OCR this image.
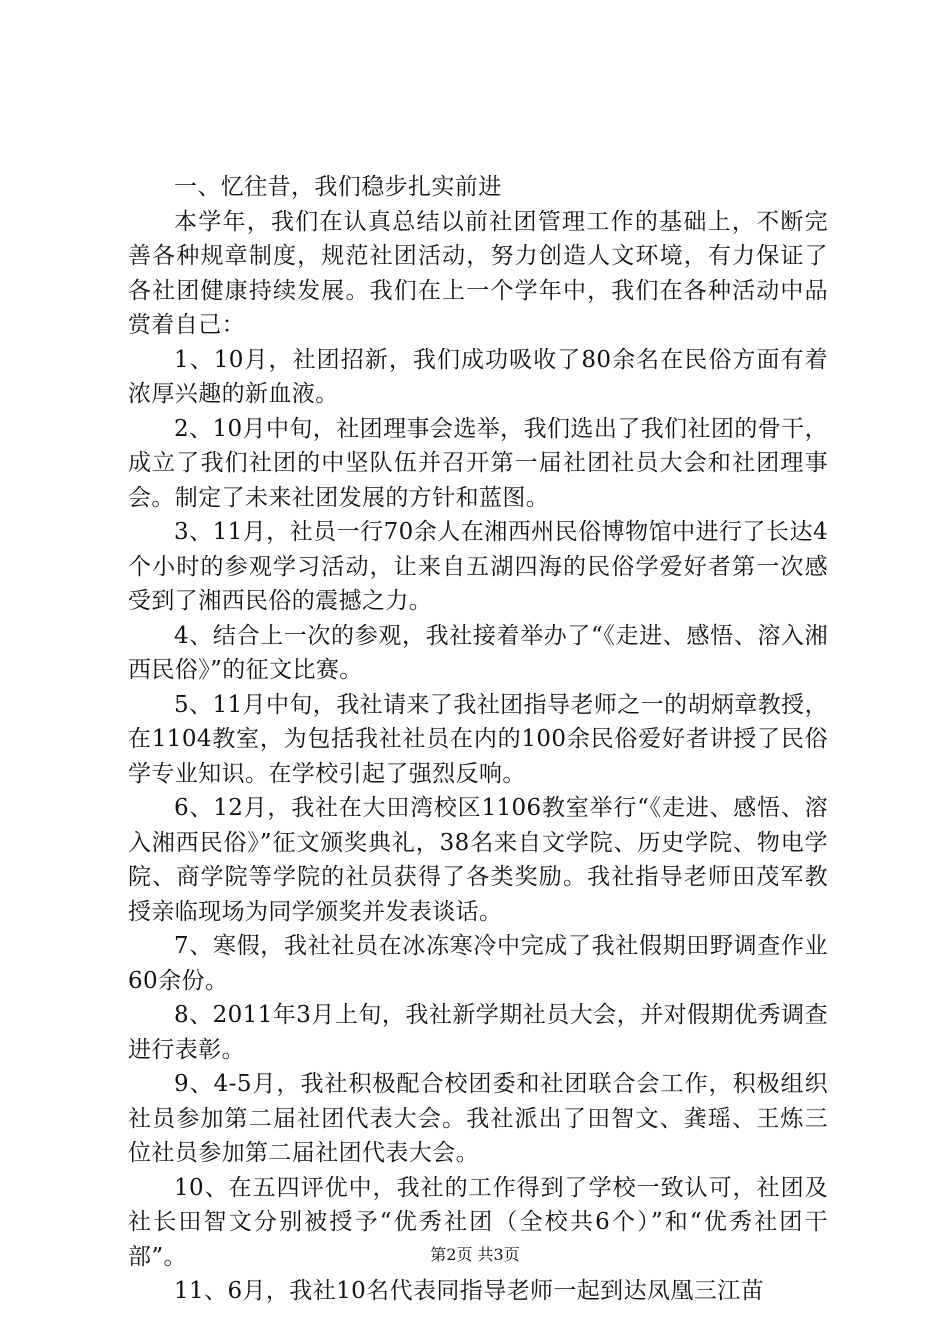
一、忆往昔，我们稳步扎实前进

本学年，我们在认真总结以前社团管理工作的基础上，不断完善各种规章制度，规范社团活动，努力创造人文环境，有力保证了各社团健康持续发展。我们在上一个学年中，我们在各种活动中品赏着自己：

1、10月，社团招新，我们成功吸收了80余名在民俗方面有着浓厚兴趣的新血液。

2、10月中旬，社团理事会选举，我们选出了我们社团的骨干，成立了我们社团的中坚队伍并召开第一届社团社员大会和社团理事会。制定了未来社团发展的方针和蓝图。

3、11月，社员一行70余人在湘西州民俗博物馆中进行了长达4个小时的参观学习活动，让来自五湖四海的民俗学爱好者第一次感受到了湘西民俗的震撼之力。

4、结合上一次的参观，我社接着举办了“《走进、感悟、溶入湘西民俗》”的征文比赛。

5、11月中旬，我社请来了我社团指导老师之一的胡炳章教授，在1104教室，为包括我社社员在内的100余民俗爱好者讲授了民俗学专业知识。在学校引起了强烈反响。

6、12月，我社在大田湾校区1106教室举行“《走进、感悟、溶入湘西民俗》”征文颁奖典礼，38名来自文学院、历史学院、物电学院、商学院等学院的社员获得了各类奖励。我社指导老师田茂军教授亲临现场为同学颁奖并发表谈话。

7、寒假，我社社员在冰冻寒冷中完成了我社假期田野调查作业60余份。

8、2011年3月上旬，我社新学期社员大会，并对假期优秀调查进行表彰。

9、4-5月，我社积极配合校团委和社团联合会工作，积极组织社员参加第二届社团代表大会。我社派出了田智文、龚瑶、王炼三位社员参加第二届社团代表大会。

10、在五四评优中，我社的工作得到了学校一致认可，社团及社长田智文分别被授予“优秀社团（全校共6个）”和“优秀社团干部”。

11、6月，我社10名代表同指导老师一起到达凤凰三江苗

第2页 共3页
